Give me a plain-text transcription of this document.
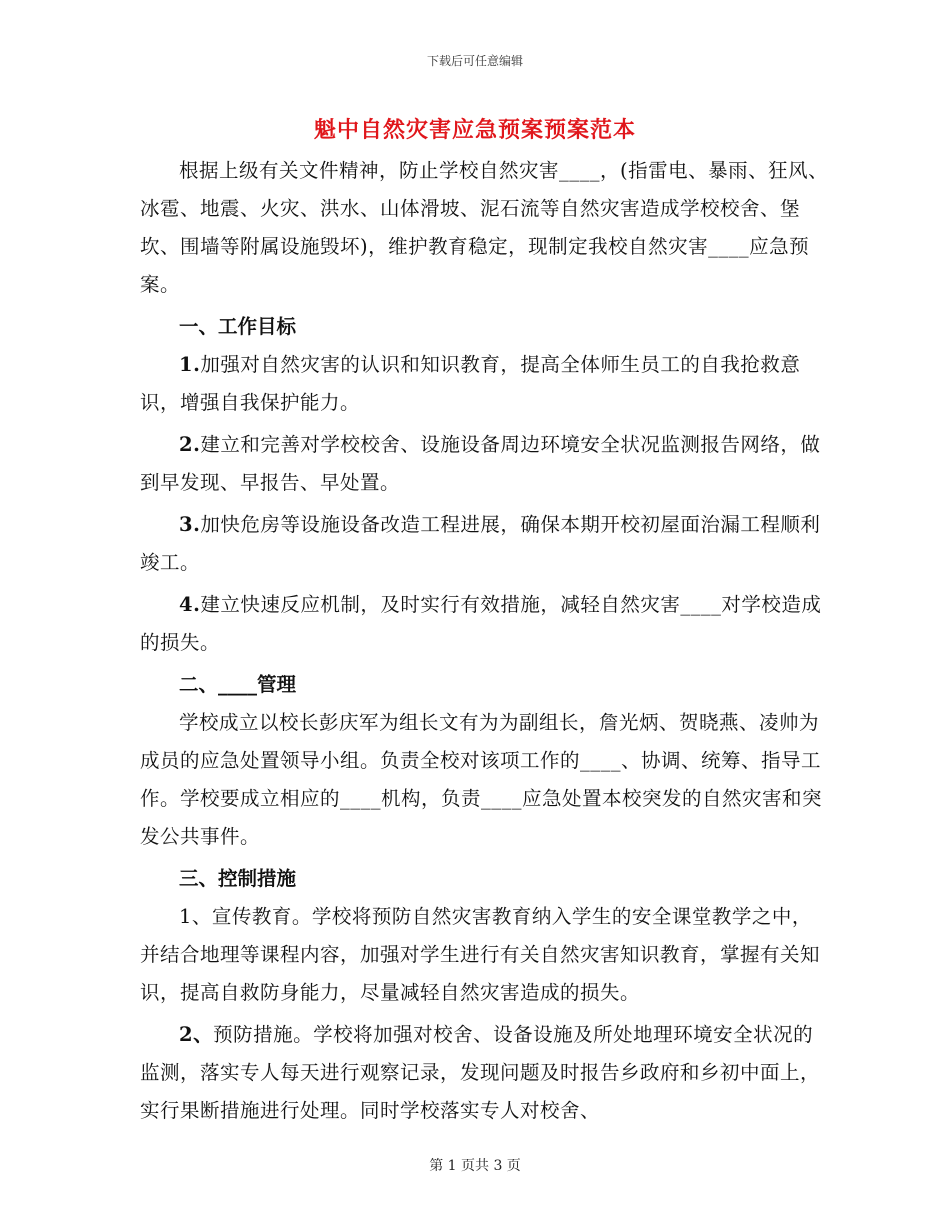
下载后可任意编辑
魁中自然灾害应急预案预案范本

根据上级有关文件精神，防止学校自然灾害____，(指雷电、暴雨、狂风、冰雹、地震、火灾、洪水、山体滑坡、泥石流等自然灾害造成学校校舍、堡坎、围墙等附属设施毁坏)，维护教育稳定，现制定我校自然灾害____应急预案。

一、工作目标

1.加强对自然灾害的认识和知识教育，提高全体师生员工的自我抢救意识，增强自我保护能力。

2.建立和完善对学校校舍、设施设备周边环境安全状况监测报告网络，做到早发现、早报告、早处置。

3.加快危房等设施设备改造工程进展，确保本期开校初屋面治漏工程顺利竣工。

4.建立快速反应机制，及时实行有效措施，减轻自然灾害____对学校造成的损失。

二、____管理

学校成立以校长彭庆军为组长文有为为副组长，詹光炳、贺晓燕、凌帅为成员的应急处置领导小组。负责全校对该项工作的____、协调、统筹、指导工作。学校要成立相应的____机构，负责____应急处置本校突发的自然灾害和突发公共事件。

三、控制措施

1、宣传教育。学校将预防自然灾害教育纳入学生的安全课堂教学之中，并结合地理等课程内容，加强对学生进行有关自然灾害知识教育，掌握有关知识，提高自救防身能力，尽量减轻自然灾害造成的损失。

2、预防措施。学校将加强对校舍、设备设施及所处地理环境安全状况的监测，落实专人每天进行观察记录，发现问题及时报告乡政府和乡初中面上，实行果断措施进行处理。同时学校落实专人对校舍、

第 1 页共 3 页
